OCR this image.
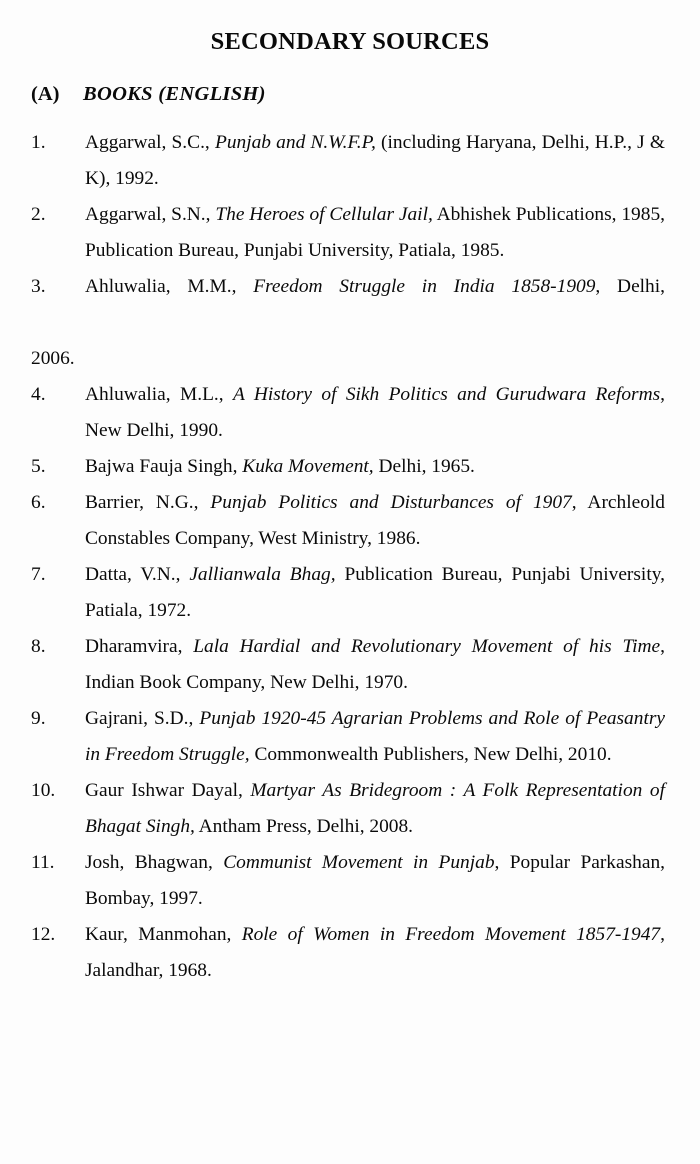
SECONDARY SOURCES
(A) BOOKS (ENGLISH)
1.	Aggarwal, S.C., Punjab and N.W.F.P, (including Haryana, Delhi, H.P., J & K), 1992.
2.	Aggarwal, S.N., The Heroes of Cellular Jail, Abhishek Publications, 1985, Publication Bureau, Punjabi University, Patiala, 1985.
3.	Ahluwalia, M.M., Freedom Struggle in India 1858-1909, Delhi,
2006.
4.	Ahluwalia, M.L., A History of Sikh Politics and Gurudwara Reforms, New Delhi, 1990.
5.	Bajwa Fauja Singh, Kuka Movement, Delhi, 1965.
6.	Barrier, N.G., Punjab Politics and Disturbances of 1907, Archleold Constables Company, West Ministry, 1986.
7.	Datta, V.N., Jallianwala Bhag, Publication Bureau, Punjabi University, Patiala, 1972.
8.	Dharamvira, Lala Hardial and Revolutionary Movement of his Time, Indian Book Company, New Delhi, 1970.
9.	Gajrani, S.D., Punjab 1920-45 Agrarian Problems and Role of Peasantry in Freedom Struggle, Commonwealth Publishers, New Delhi, 2010.
10.	Gaur Ishwar Dayal, Martyar As Bridegroom : A Folk Representation of Bhagat Singh, Antham Press, Delhi, 2008.
11.	Josh, Bhagwan, Communist Movement in Punjab, Popular Parkashan, Bombay, 1997.
12.	Kaur, Manmohan, Role of Women in Freedom Movement 1857-1947, Jalandhar, 1968.
